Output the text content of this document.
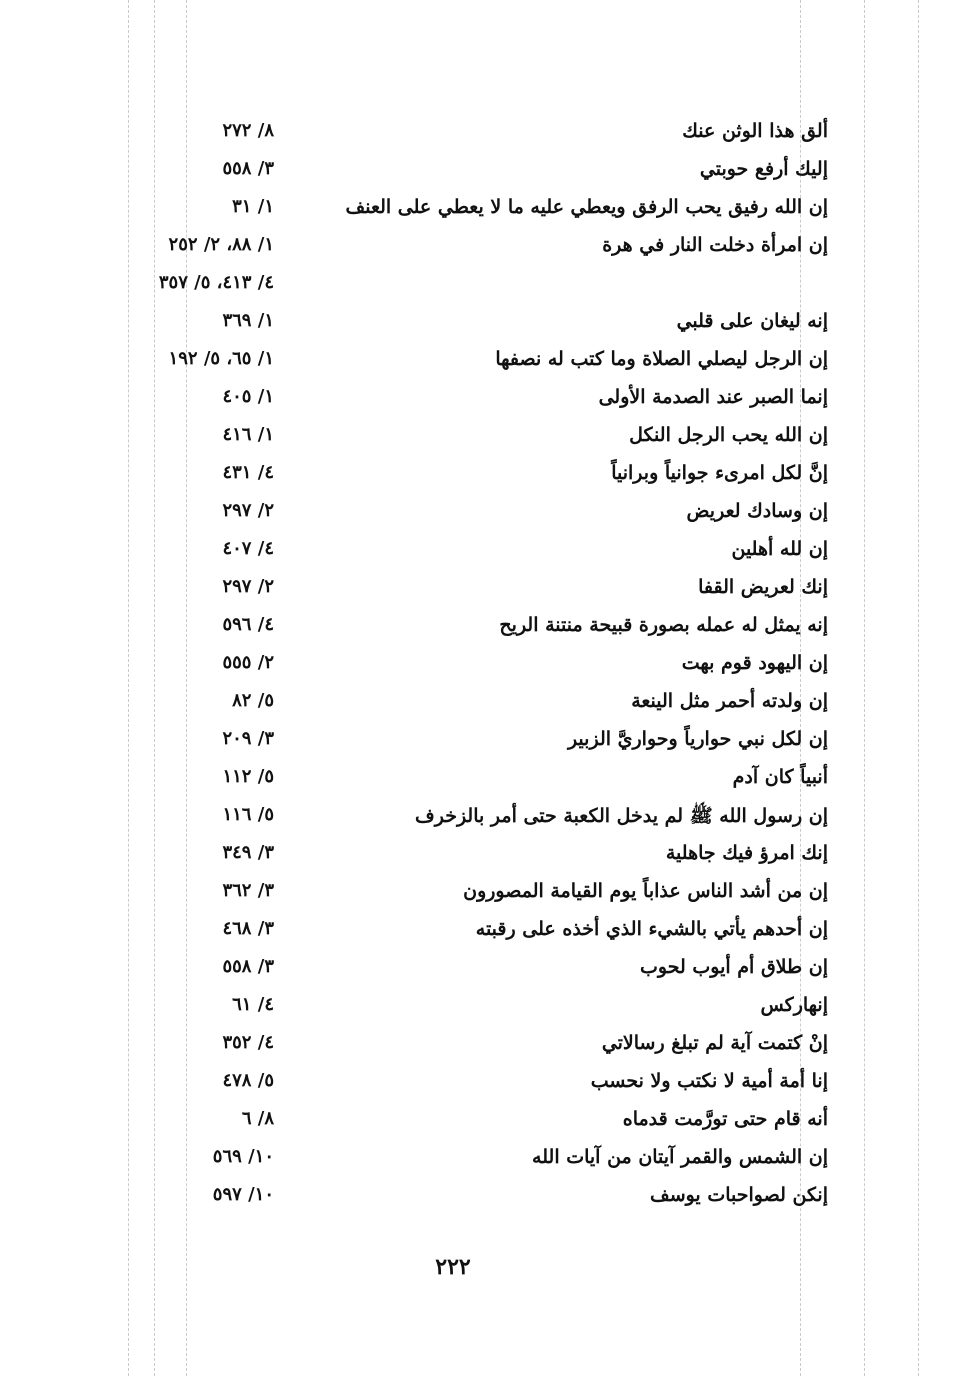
ألق هذا الوثن عنك
٨/ ٢٧٢
إليك أرفع حوبتي
٣/ ٥٥٨
إن الله رفيق يحب الرفق ويعطي عليه ما لا يعطي على العنف
١/ ٣١
إن امرأة دخلت النار في هرة
١/ ٨٨، ٢/ ٢٥٢
٤/ ٤١٣، ٥/ ٣٥٧
إنه ليغان على قلبي
١/ ٣٦٩
إن الرجل ليصلي الصلاة وما كتب له نصفها
١/ ٦٥، ٥/ ١٩٢
إنما الصبر عند الصدمة الأولى
١/ ٤٠٥
إن الله يحب الرجل النكل
١/ ٤١٦
إنَّ لكل امرىء جوانياً وبرانياً
٤/ ٤٣١
إن وسادك لعريض
٢/ ٢٩٧
إن لله أهلين
٤/ ٤٠٧
إنك لعريض القفا
٢/ ٢٩٧
إنه يمثل له عمله بصورة قبيحة منتنة الريح
٤/ ٥٩٦
إن اليهود قوم بهت
٢/ ٥٥٥
إن ولدته أحمر مثل الينعة
٥/ ٨٢
إن لكل نبي حوارياً وحواريَّ الزبير
٣/ ٢٠٩
أنبياً كان آدم
٥/ ١١٢
إن رسول الله ﷺ لم يدخل الكعبة حتى أمر بالزخرف
٥/ ١١٦
إنك امرؤ فيك جاهلية
٣/ ٣٤٩
إن من أشد الناس عذاباً يوم القيامة المصورون
٣/ ٣٦٢
إن أحدهم يأتي بالشيء الذي أخذه على رقبته
٣/ ٤٦٨
إن طلاق أم أيوب لحوب
٣/ ٥٥٨
إنهاركس
٤/ ٦١
إنْ كتمت آية لم تبلغ رسالاتي
٤/ ٣٥٢
إنا أمة أمية لا نكتب ولا نحسب
٥/ ٤٧٨
أنه قام حتى تورَّمت قدماه
٨/ ٦
إن الشمس والقمر آيتان من آيات الله
١٠/ ٥٦٩
إنكن لصواحبات يوسف
١٠/ ٥٩٧
٢٢٢
